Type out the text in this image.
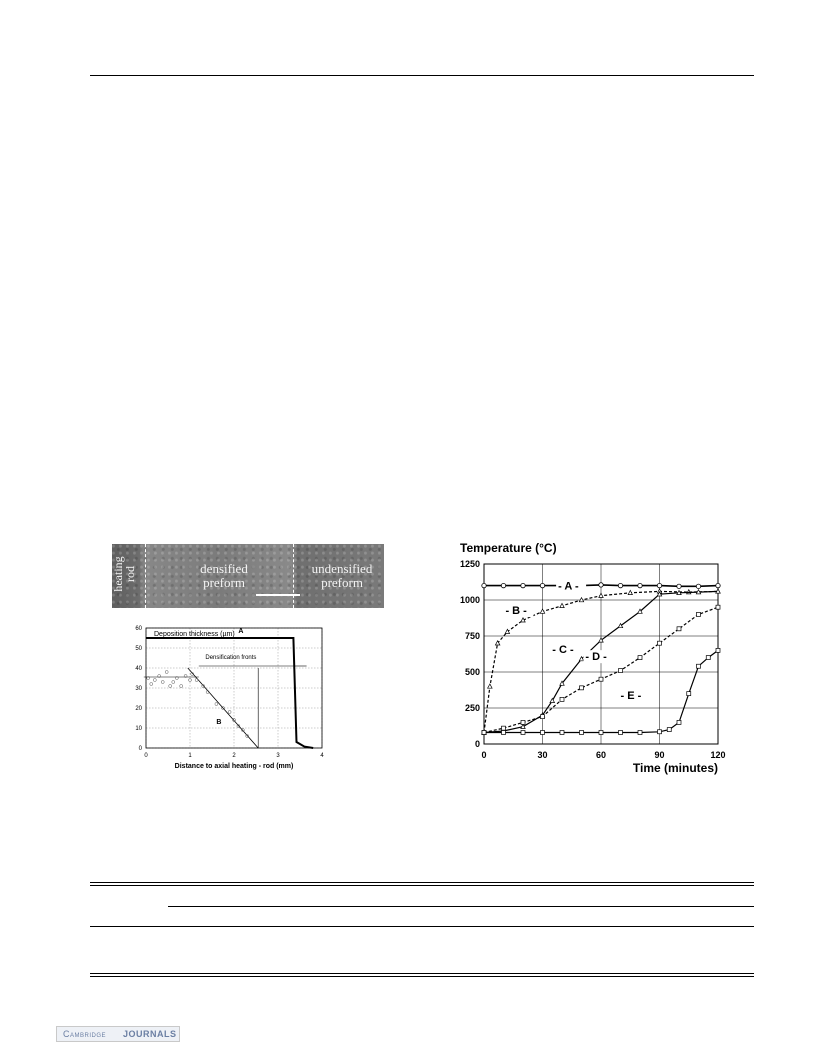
heating
rod	densified
preform
undensified
preform
Deposition thickness (µm)
0	1	2	3	4
0
10
20
30
40
50
60	A
B
Distance to axial heating - rod (mm)
Densification fronts
Temperature (°C)
Time (minutes)
0	30	60	90	120
0
250
500
750
1000
1250
- A -
- B -
- C -
- D -
- E -
Cambridge JOURNALS
